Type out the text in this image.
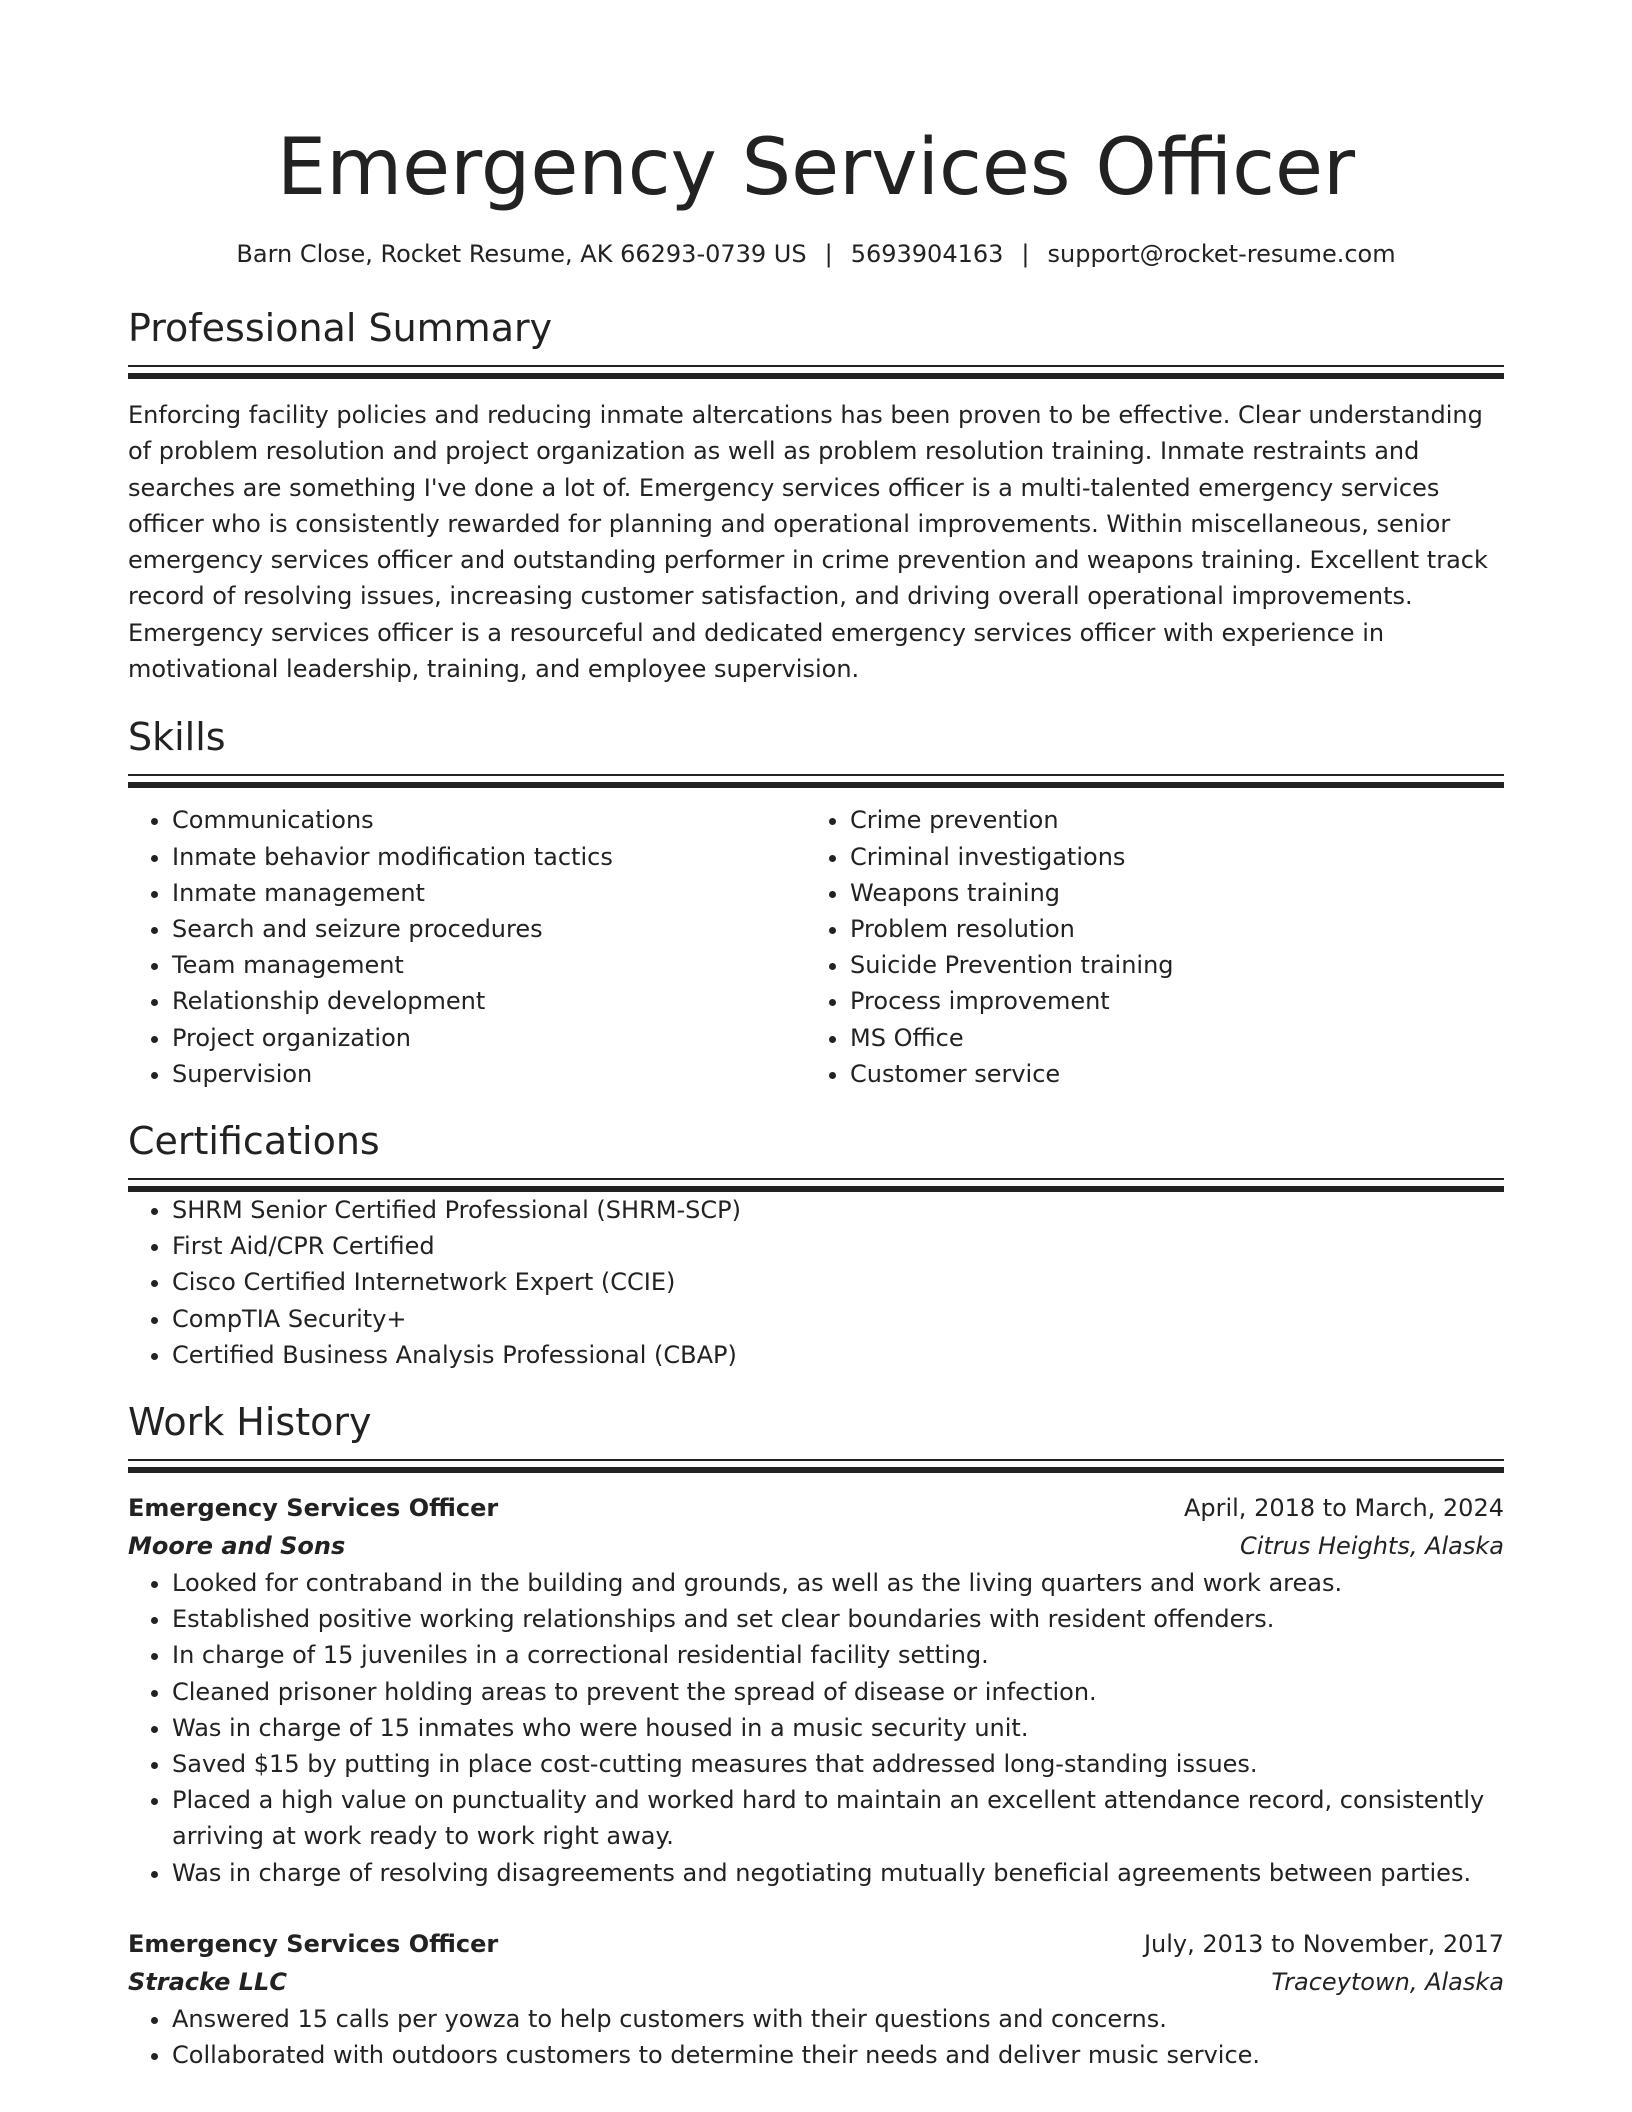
Emergency Services Officer
Barn Close, Rocket Resume, AK 66293-0739 US | 5693904163 | support@rocket-resume.com
Professional Summary
Enforcing facility policies and reducing inmate altercations has been proven to be effective. Clear understanding of problem resolution and project organization as well as problem resolution training. Inmate restraints and searches are something I've done a lot of. Emergency services officer is a multi-talented emergency services officer who is consistently rewarded for planning and operational improvements. Within miscellaneous, senior emergency services officer and outstanding performer in crime prevention and weapons training. Excellent track record of resolving issues, increasing customer satisfaction, and driving overall operational improvements. Emergency services officer is a resourceful and dedicated emergency services officer with experience in motivational leadership, training, and employee supervision.
Skills
• Communications
• Inmate behavior modification tactics
• Inmate management
• Search and seizure procedures
• Team management
• Relationship development
• Project organization
• Supervision
• Crime prevention
• Criminal investigations
• Weapons training
• Problem resolution
• Suicide Prevention training
• Process improvement
• MS Office
• Customer service
Certifications
• SHRM Senior Certified Professional (SHRM-SCP)
• First Aid/CPR Certified
• Cisco Certified Internetwork Expert (CCIE)
• CompTIA Security+
• Certified Business Analysis Professional (CBAP)
Work History
Emergency Services Officer	April, 2018 to March, 2024
Moore and Sons	Citrus Heights, Alaska
• Looked for contraband in the building and grounds, as well as the living quarters and work areas.
• Established positive working relationships and set clear boundaries with resident offenders.
• In charge of 15 juveniles in a correctional residential facility setting.
• Cleaned prisoner holding areas to prevent the spread of disease or infection.
• Was in charge of 15 inmates who were housed in a music security unit.
• Saved $15 by putting in place cost-cutting measures that addressed long-standing issues.
• Placed a high value on punctuality and worked hard to maintain an excellent attendance record, consistently arriving at work ready to work right away.
• Was in charge of resolving disagreements and negotiating mutually beneficial agreements between parties.
Emergency Services Officer	July, 2013 to November, 2017
Stracke LLC	Traceytown, Alaska
• Answered 15 calls per yowza to help customers with their questions and concerns.
• Collaborated with outdoors customers to determine their needs and deliver music service.
